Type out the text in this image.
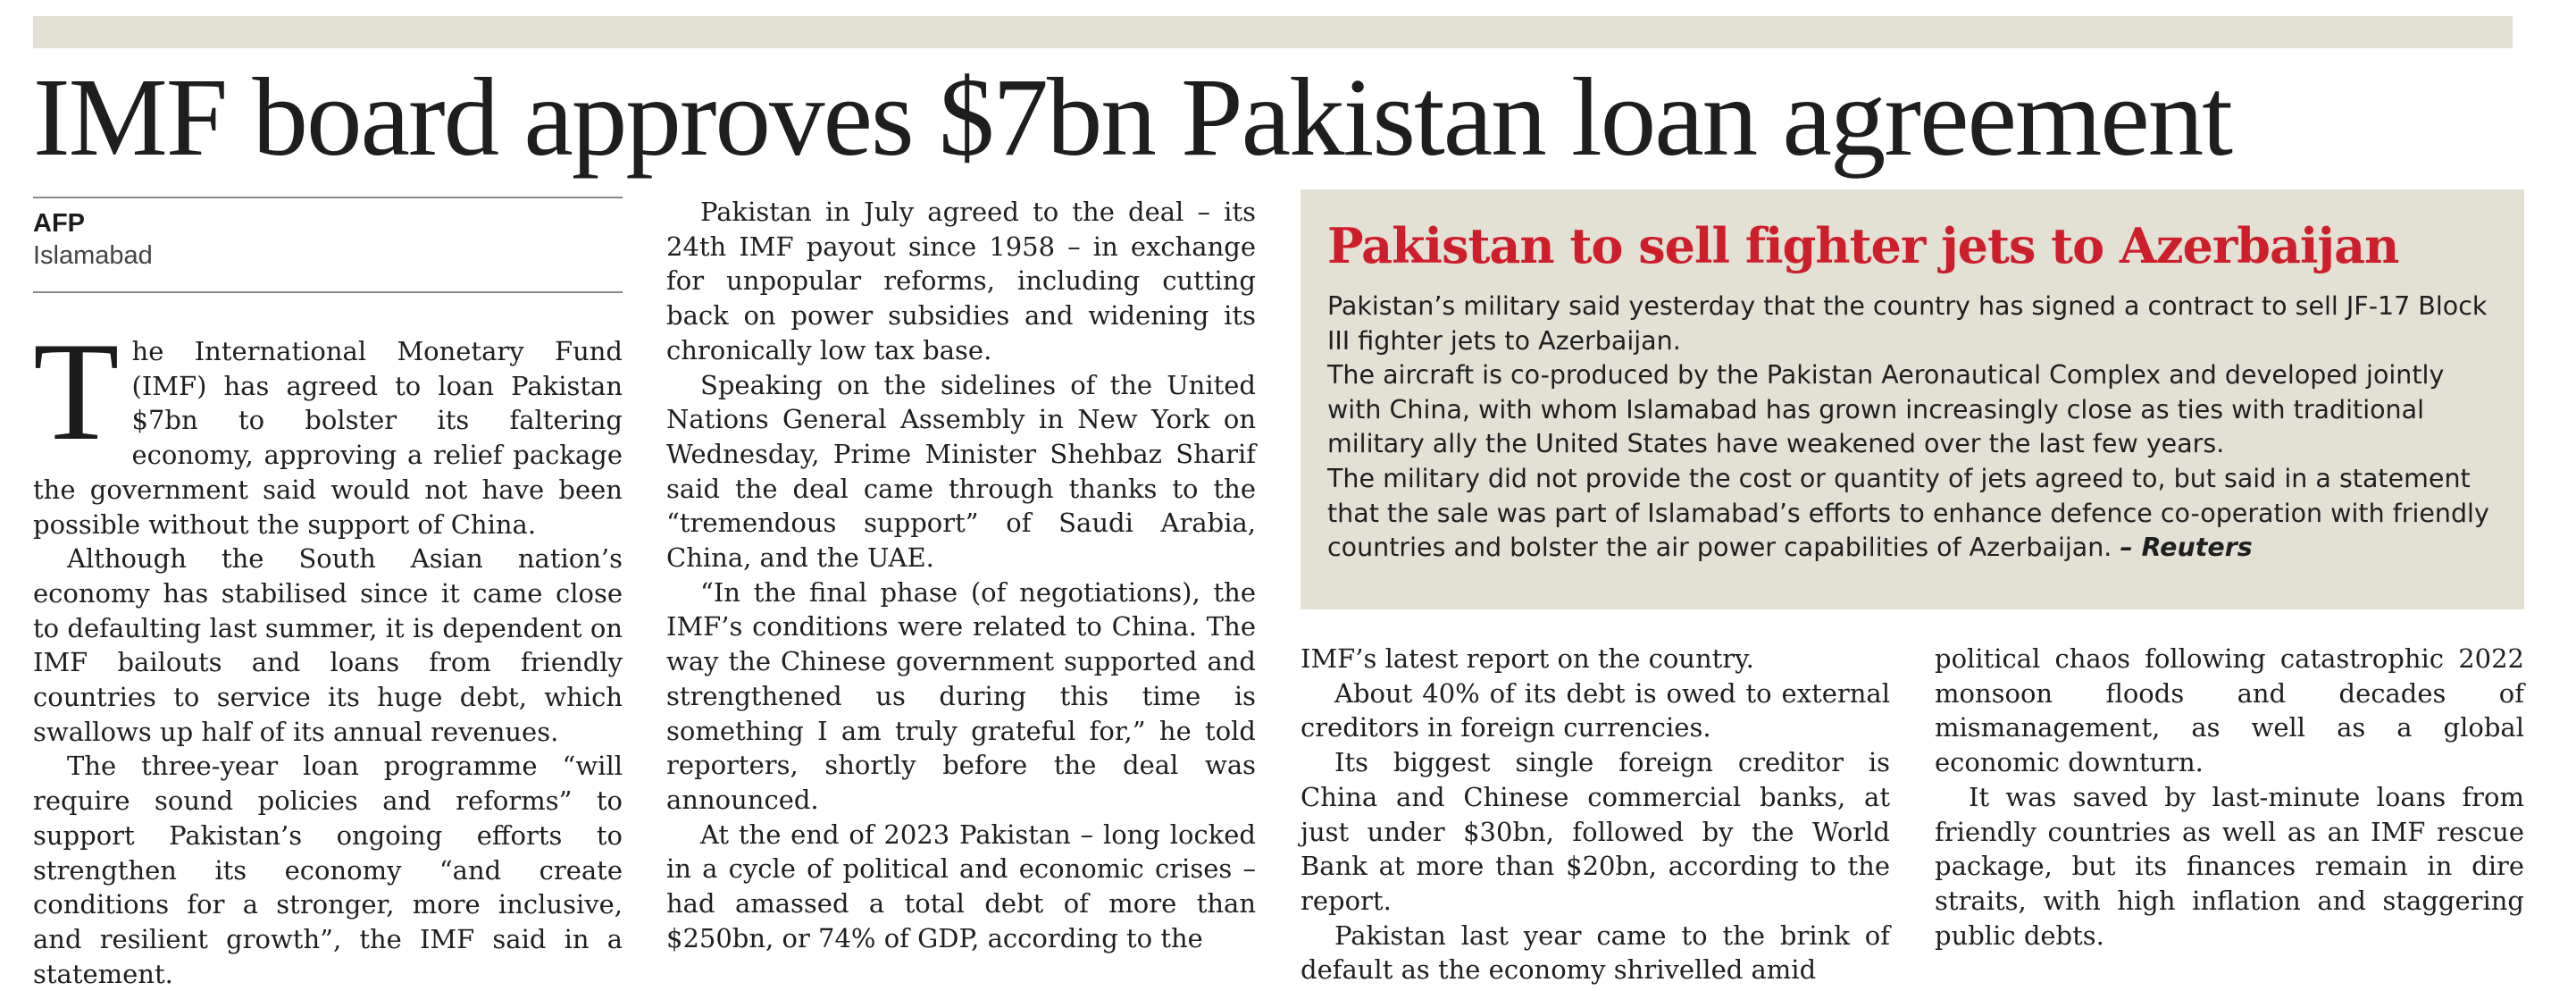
IMF board approves $7bn Pakistan loan agreement
AFP
Islamabad

The International Monetary Fund (IMF) has agreed to loan Pakistan $7bn to bolster its faltering economy, approving a relief package the government said would not have been possible without the support of China.

Although the South Asian nation’s economy has stabilised since it came close to defaulting last summer, it is dependent on IMF bailouts and loans from friendly countries to service its huge debt, which swallows up half of its annual revenues.

The three-year loan programme “will require sound policies and reforms” to support Pakistan’s ongoing efforts to strengthen its economy “and create conditions for a stronger, more inclusive, and resilient growth”, the IMF said in a statement.

Pakistan in July agreed to the deal – its 24th IMF payout since 1958 – in exchange for unpopular reforms, including cutting back on power subsidies and widening its chronically low tax base.

Speaking on the sidelines of the United Nations General Assembly in New York on Wednesday, Prime Minister Shehbaz Sharif said the deal came through thanks to the “tremendous support” of Saudi Arabia, China, and the UAE.

“In the final phase (of negotiations), the IMF’s conditions were related to China. The way the Chinese government supported and strengthened us during this time is something I am truly grateful for,” he told reporters, shortly before the deal was announced.

At the end of 2023 Pakistan – long locked in a cycle of political and economic crises – had amassed a total debt of more than $250bn, or 74% of GDP, according to the

Pakistan to sell fighter jets to Azerbaijan

Pakistan’s military said yesterday that the country has signed a contract to sell JF-17 Block III fighter jets to Azerbaijan.

The aircraft is co-produced by the Pakistan Aeronautical Complex and developed jointly with China, with whom Islamabad has grown increasingly close as ties with traditional military ally the United States have weakened over the last few years.

The military did not provide the cost or quantity of jets agreed to, but said in a statement that the sale was part of Islamabad’s efforts to enhance defence co-operation with friendly countries and bolster the air power capabilities of Azerbaijan. – Reuters

IMF’s latest report on the country.

About 40% of its debt is owed to external creditors in foreign currencies.

Its biggest single foreign creditor is China and Chinese commercial banks, at just under $30bn, followed by the World Bank at more than $20bn, according to the report.

Pakistan last year came to the brink of default as the economy shrivelled amid

political chaos following catastrophic 2022 monsoon floods and decades of mismanagement, as well as a global economic downturn.

It was saved by last-minute loans from friendly countries as well as an IMF rescue package, but its finances remain in dire straits, with high inflation and staggering public debts.
